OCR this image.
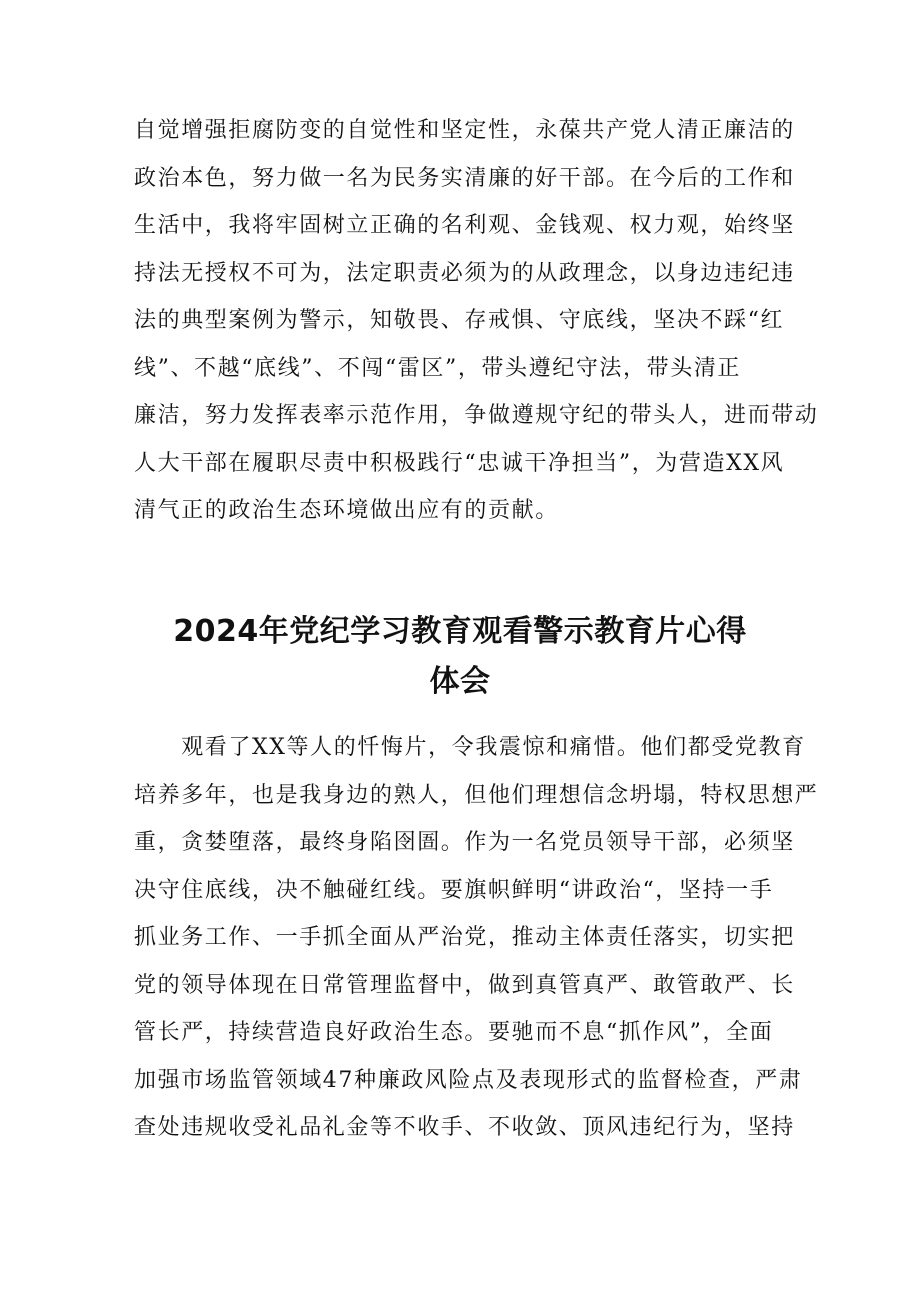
自觉增强拒腐防变的自觉性和坚定性，永葆共产党人清正廉洁的
政治本色，努力做一名为民务实清廉的好干部。在今后的工作和
生活中，我将牢固树立正确的名利观、金钱观、权力观，始终坚
持法无授权不可为，法定职责必须为的从政理念，以身边违纪违
法的典型案例为警示，知敬畏、存戒惧、守底线，坚决不踩“红
线”、不越“底线”、不闯“雷区”，带头遵纪守法，带头清正
廉洁，努力发挥表率示范作用，争做遵规守纪的带头人，进而带动
人大干部在履职尽责中积极践行“忠诚干净担当”，为营造XX风
清气正的政治生态环境做出应有的贡献。
2024年党纪学习教育观看警示教育片心得
体会
　　观看了XX等人的忏悔片，令我震惊和痛惜。他们都受党教育
培养多年，也是我身边的熟人，但他们理想信念坍塌，特权思想严
重，贪婪堕落，最终身陷囹圄。作为一名党员领导干部，必须坚
决守住底线，决不触碰红线。要旗帜鲜明“讲政治“，坚持一手
抓业务工作、一手抓全面从严治党，推动主体责任落实，切实把
党的领导体现在日常管理监督中，做到真管真严、敢管敢严、长
管长严，持续营造良好政治生态。要驰而不息“抓作风”，全面
加强市场监管领域47种廉政风险点及表现形式的监督检查，严肃
查处违规收受礼品礼金等不收手、不收敛、顶风违纪行为，坚持
